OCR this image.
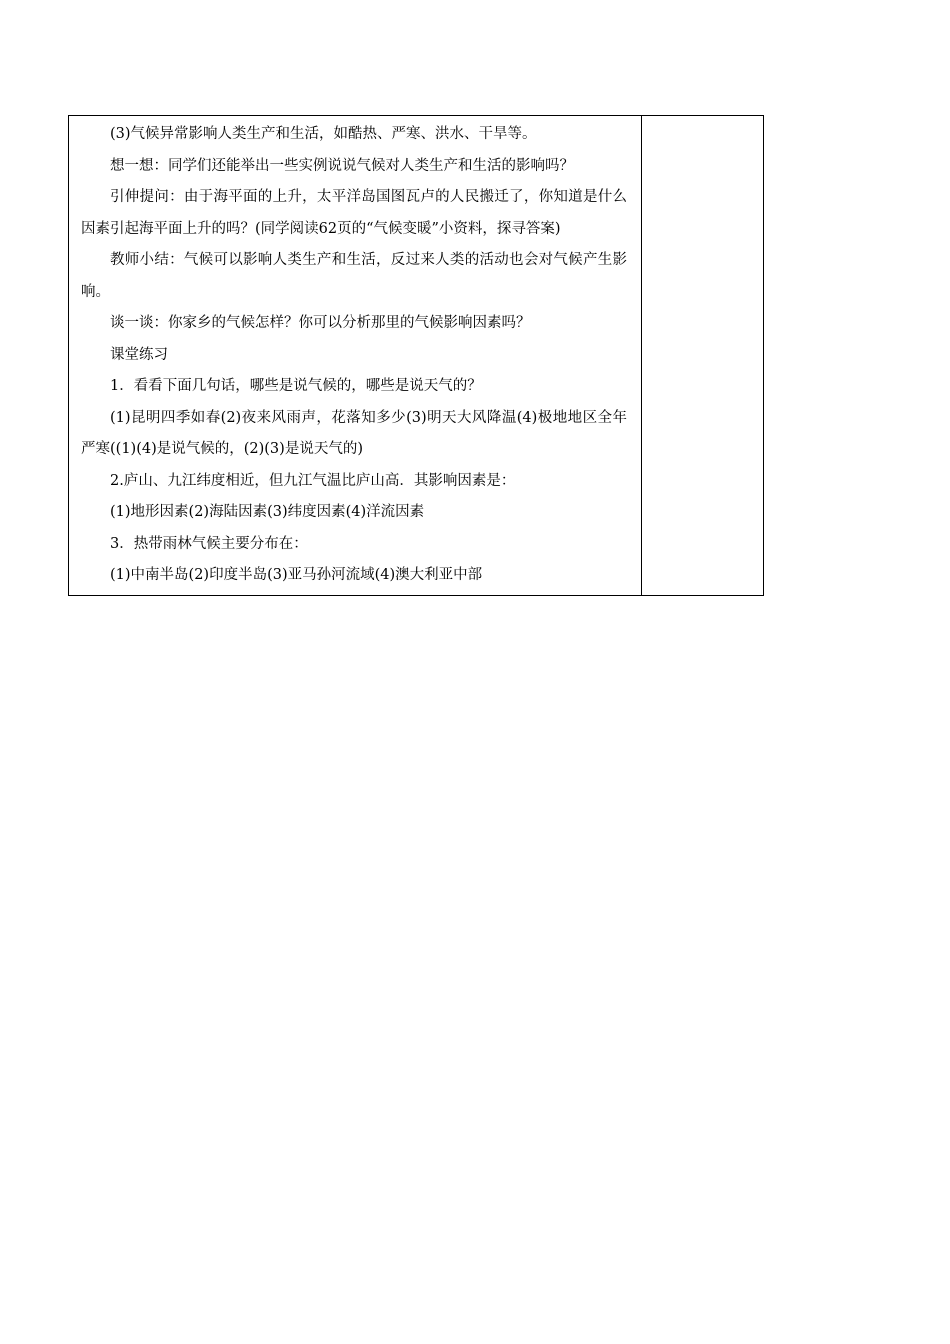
(3)气候异常影响人类生产和生活，如酷热、严寒、洪水、干旱等。

想一想：同学们还能举出一些实例说说气候对人类生产和生活的影响吗？

引伸提问：由于海平面的上升，太平洋岛国图瓦卢的人民搬迁了，你知道是什么因素引起海平面上升的吗？(同学阅读62页的“气候变暖”小资料，探寻答案)

教师小结：气候可以影响人类生产和生活，反过来人类的活动也会对气候产生影响。

谈一谈：你家乡的气候怎样？你可以分析那里的气候影响因素吗？

课堂练习

1．看看下面几句话，哪些是说气候的，哪些是说天气的？

(1)昆明四季如春(2)夜来风雨声，花落知多少(3)明天大风降温(4)极地地区全年严寒((1)(4)是说气候的，(2)(3)是说天气的)

2.庐山、九江纬度相近，但九江气温比庐山高．其影响因素是：

(1)地形因素(2)海陆因素(3)纬度因素(4)洋流因素

3．热带雨林气候主要分布在：

(1)中南半岛(2)印度半岛(3)亚马孙河流域(4)澳大利亚中部
